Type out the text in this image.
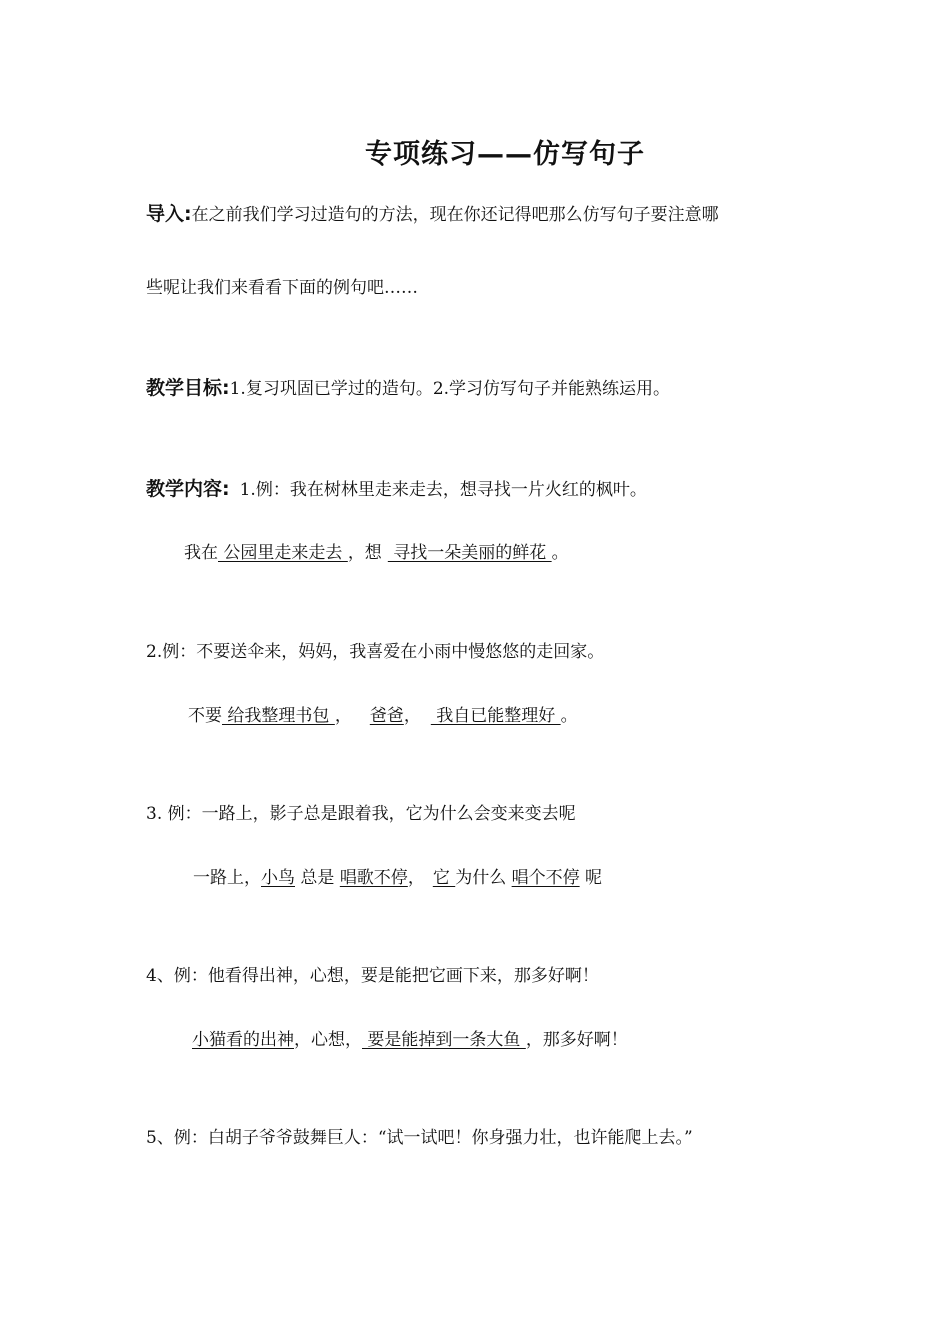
专项练习——仿写句子
导入:在之前我们学习过造句的方法，现在你还记得吧那么仿写句子要注意哪
些呢让我们来看看下面的例句吧……
教学目标:1.复习巩固已学过的造句。2.学习仿写句子并能熟练运用。
教学内容: 1.例：我在树林里走来走去，想寻找一片火红的枫叶。
我在 公园里走来走去 ，想 寻找一朵美丽的鲜花 。
2.例：不要送伞来，妈妈，我喜爱在小雨中慢悠悠的走回家。
不要 给我整理书包 ， 爸爸， 我自已能整理好 。
3. 例：一路上，影子总是跟着我，它为什么会变来变去呢
一路上，小鸟 总是 唱歌不停， 它 为什么 唱个不停 呢
4、例：他看得出神，心想，要是能把它画下来，那多好啊！
小猫看的出神，心想， 要是能掉到一条大鱼 ，那多好啊！
5、例：白胡子爷爷鼓舞巨人：“试一试吧！你身强力壮，也许能爬上去。”
